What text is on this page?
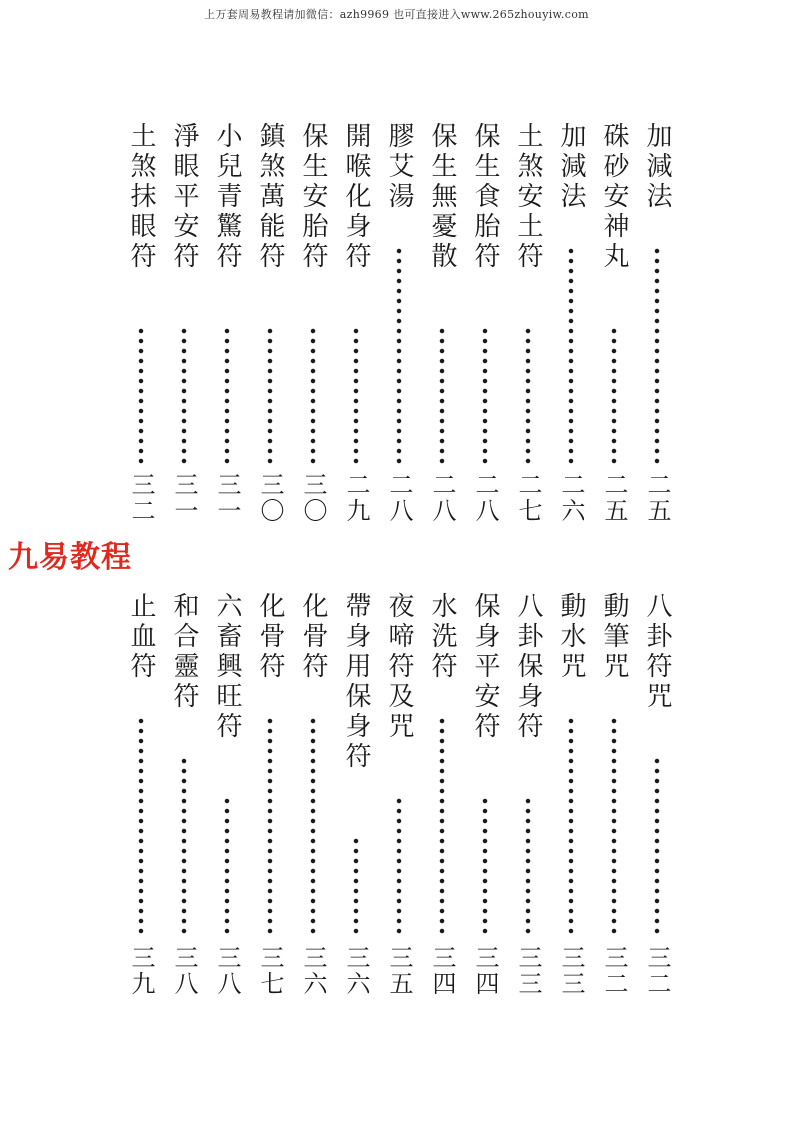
上万套周易教程请加微信：azh9969 也可直接进入www.265zhouyiw.com
九易教程
加減法
二五
硃砂安神丸
二五
加減法
二六
土煞安土符
二七
保生食胎符
二八
保生無憂散
二八
膠艾湯
二八
開喉化身符
二九
保生安胎符
三〇
鎮煞萬能符
三〇
小兒青驚符
三一
淨眼平安符
三一
土煞抹眼符
三二
八卦符咒
三二
動筆咒
三二
動水咒
三三
八卦保身符
三三
保身平安符
三四
水洗符
三四
夜啼符及咒
三五
帶身用保身符
三六
化骨符
三六
化骨符
三七
六畜興旺符
三八
和合靈符
三八
止血符
三九
